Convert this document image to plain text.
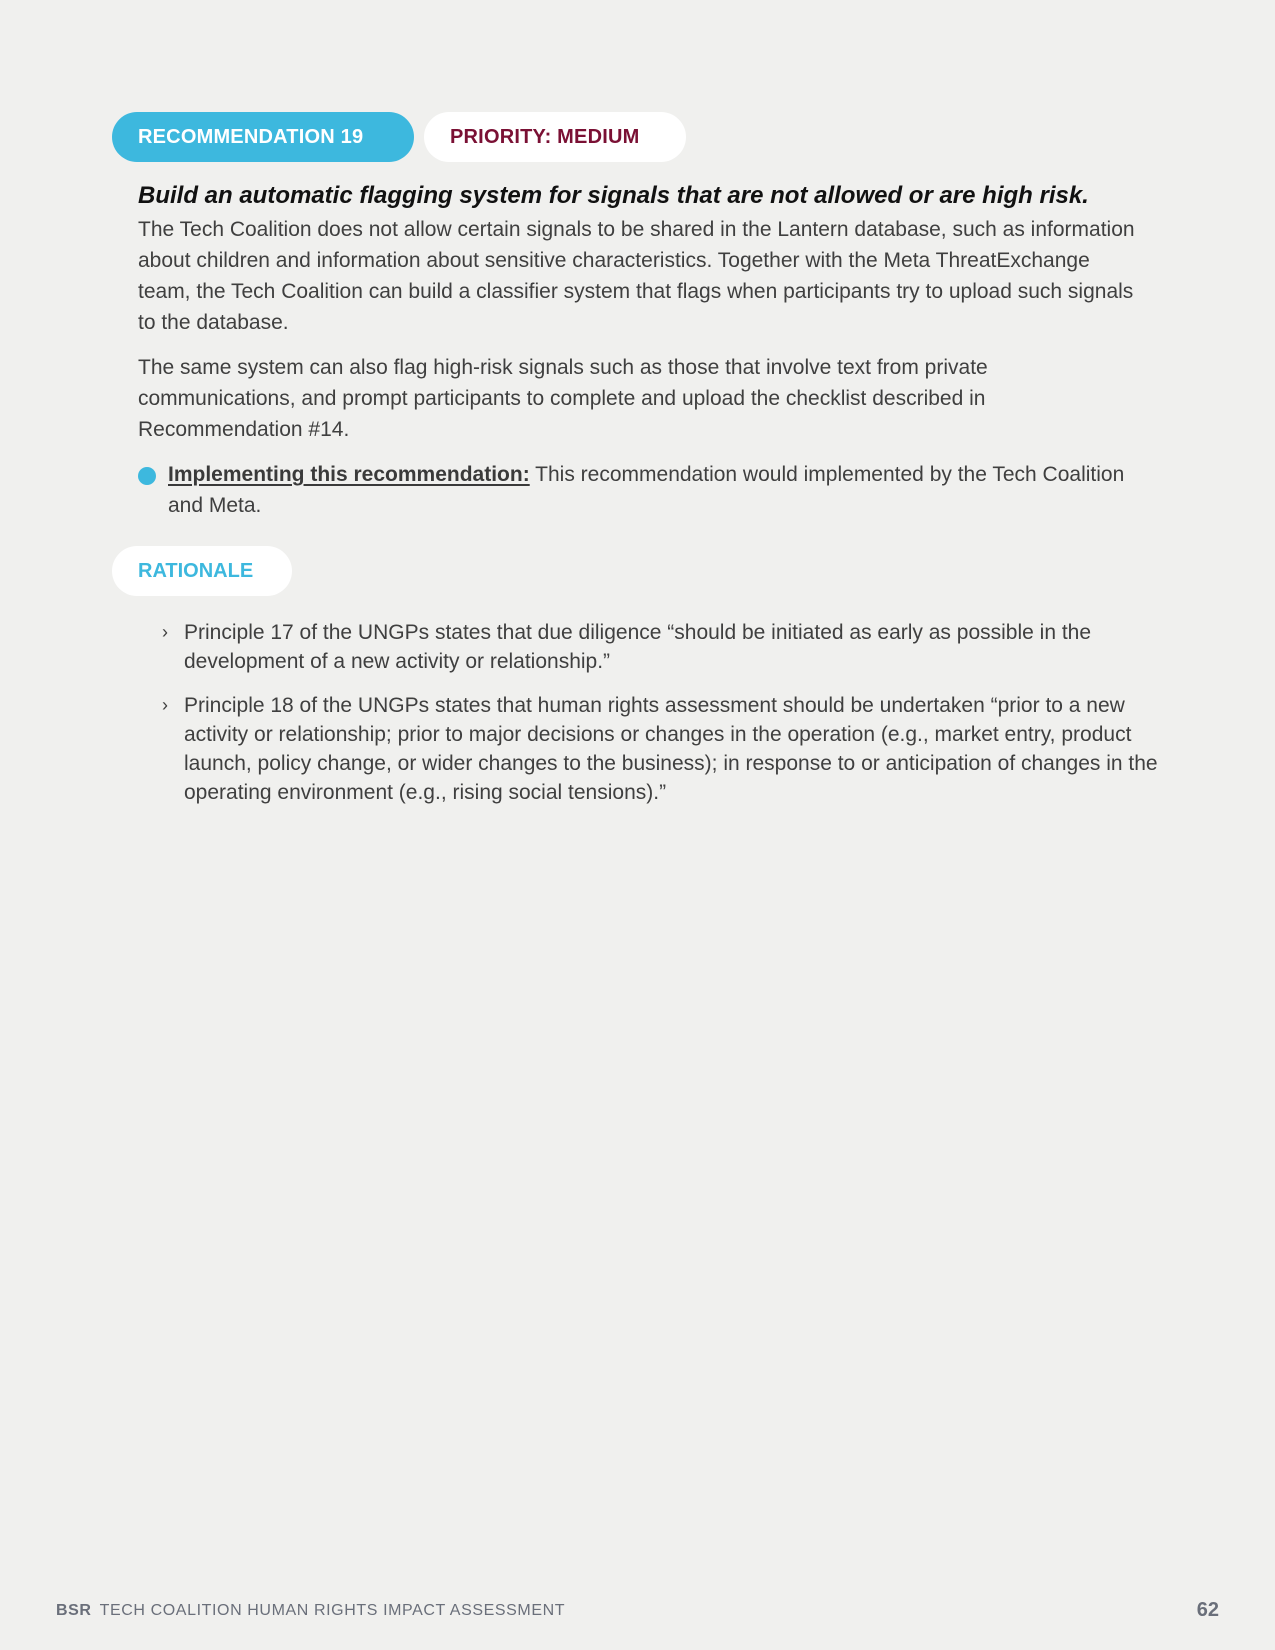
RECOMMENDATION 19	PRIORITY: MEDIUM
Build an automatic flagging system for signals that are not allowed or are high risk.

The Tech Coalition does not allow certain signals to be shared in the Lantern database, such as information about children and information about sensitive characteristics. Together with the Meta ThreatExchange team, the Tech Coalition can build a classifier system that flags when participants try to upload such signals to the database.

The same system can also flag high-risk signals such as those that involve text from private communications, and prompt participants to complete and upload the checklist described in Recommendation #14.

Implementing this recommendation: This recommendation would implemented by the Tech Coalition and Meta.
RATIONALE
› Principle 17 of the UNGPs states that due diligence “should be initiated as early as possible in the development of a new activity or relationship.”
› Principle 18 of the UNGPs states that human rights assessment should be undertaken “prior to a new activity or relationship; prior to major decisions or changes in the operation (e.g., market entry, product launch, policy change, or wider changes to the business); in response to or anticipation of changes in the operating environment (e.g., rising social tensions).”
BSR TECH COALITION HUMAN RIGHTS IMPACT ASSESSMENT	62
